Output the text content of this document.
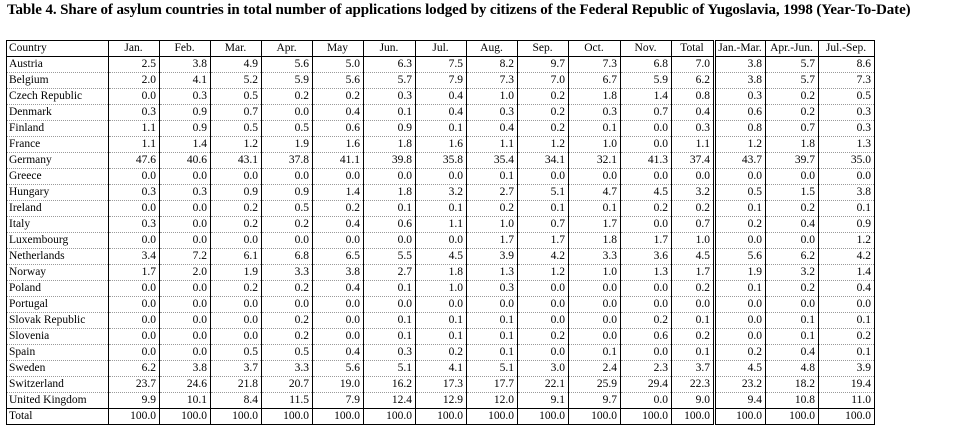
Table 4. Share of asylum countries in total number of applications lodged by citizens of the Federal Republic of Yugoslavia, 1998 (Year-To-Date)
Country	Jan.	Feb.	Mar.	Apr.	May	Jun.	Jul.	Aug.	Sep.	Oct.	Nov.	Total	Jan.-Mar.	Apr.-Jun.	Jul.-Sep.
Austria	2.5	3.8	4.9	5.6	5.0	6.3	7.5	8.2	9.7	7.3	6.8	7.0	3.8	5.7	8.6
Belgium	2.0	4.1	5.2	5.9	5.6	5.7	7.9	7.3	7.0	6.7	5.9	6.2	3.8	5.7	7.3
Czech Republic	0.0	0.3	0.5	0.2	0.2	0.3	0.4	1.0	0.2	1.8	1.4	0.8	0.3	0.2	0.5
Denmark	0.3	0.9	0.7	0.0	0.4	0.1	0.4	0.3	0.2	0.3	0.7	0.4	0.6	0.2	0.3
Finland	1.1	0.9	0.5	0.5	0.6	0.9	0.1	0.4	0.2	0.1	0.0	0.3	0.8	0.7	0.3
France	1.1	1.4	1.2	1.9	1.6	1.8	1.6	1.1	1.2	1.0	0.0	1.1	1.2	1.8	1.3
Germany	47.6	40.6	43.1	37.8	41.1	39.8	35.8	35.4	34.1	32.1	41.3	37.4	43.7	39.7	35.0
Greece	0.0	0.0	0.0	0.0	0.0	0.0	0.0	0.1	0.0	0.0	0.0	0.0	0.0	0.0	0.0
Hungary	0.3	0.3	0.9	0.9	1.4	1.8	3.2	2.7	5.1	4.7	4.5	3.2	0.5	1.5	3.8
Ireland	0.0	0.0	0.2	0.5	0.2	0.1	0.1	0.2	0.1	0.1	0.2	0.2	0.1	0.2	0.1
Italy	0.3	0.0	0.2	0.2	0.4	0.6	1.1	1.0	0.7	1.7	0.0	0.7	0.2	0.4	0.9
Luxembourg	0.0	0.0	0.0	0.0	0.0	0.0	0.0	1.7	1.7	1.8	1.7	1.0	0.0	0.0	1.2
Netherlands	3.4	7.2	6.1	6.8	6.5	5.5	4.5	3.9	4.2	3.3	3.6	4.5	5.6	6.2	4.2
Norway	1.7	2.0	1.9	3.3	3.8	2.7	1.8	1.3	1.2	1.0	1.3	1.7	1.9	3.2	1.4
Poland	0.0	0.0	0.2	0.2	0.4	0.1	1.0	0.3	0.0	0.0	0.0	0.2	0.1	0.2	0.4
Portugal	0.0	0.0	0.0	0.0	0.0	0.0	0.0	0.0	0.0	0.0	0.0	0.0	0.0	0.0	0.0
Slovak Republic	0.0	0.0	0.0	0.2	0.0	0.1	0.1	0.1	0.0	0.0	0.2	0.1	0.0	0.1	0.1
Slovenia	0.0	0.0	0.0	0.2	0.0	0.1	0.1	0.1	0.2	0.0	0.6	0.2	0.0	0.1	0.2
Spain	0.0	0.0	0.5	0.5	0.4	0.3	0.2	0.1	0.0	0.1	0.0	0.1	0.2	0.4	0.1
Sweden	6.2	3.8	3.7	3.3	5.6	5.1	4.1	5.1	3.0	2.4	2.3	3.7	4.5	4.8	3.9
Switzerland	23.7	24.6	21.8	20.7	19.0	16.2	17.3	17.7	22.1	25.9	29.4	22.3	23.2	18.2	19.4
United Kingdom	9.9	10.1	8.4	11.5	7.9	12.4	12.9	12.0	9.1	9.7	0.0	9.0	9.4	10.8	11.0
Total	100.0	100.0	100.0	100.0	100.0	100.0	100.0	100.0	100.0	100.0	100.0	100.0	100.0	100.0	100.0
